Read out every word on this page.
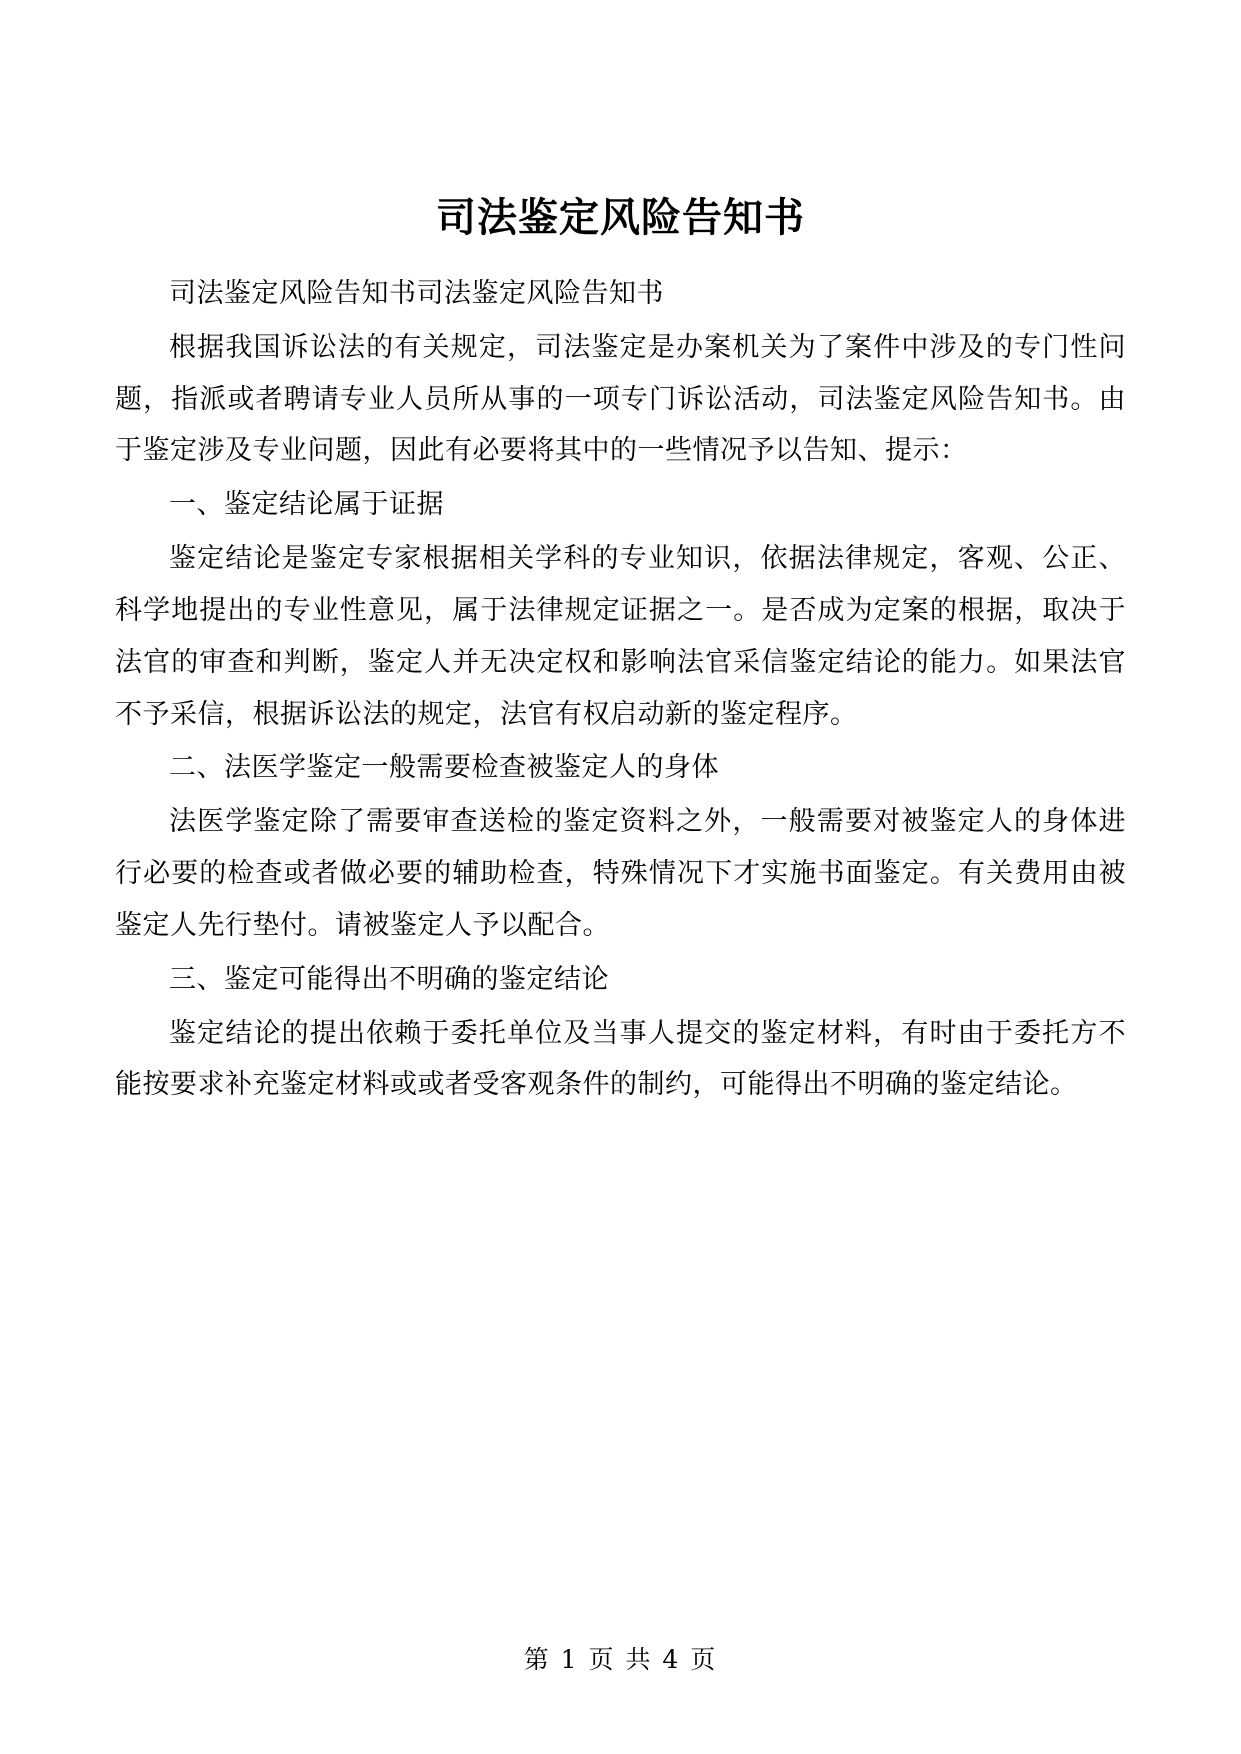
司法鉴定风险告知书

司法鉴定风险告知书司法鉴定风险告知书

根据我国诉讼法的有关规定，司法鉴定是办案机关为了案件中涉及的专门性问题，指派或者聘请专业人员所从事的一项专门诉讼活动，司法鉴定风险告知书。由于鉴定涉及专业问题，因此有必要将其中的一些情况予以告知、提示：

一、鉴定结论属于证据

鉴定结论是鉴定专家根据相关学科的专业知识，依据法律规定，客观、公正、科学地提出的专业性意见，属于法律规定证据之一。是否成为定案的根据，取决于法官的审查和判断，鉴定人并无决定权和影响法官采信鉴定结论的能力。如果法官不予采信，根据诉讼法的规定，法官有权启动新的鉴定程序。

二、法医学鉴定一般需要检查被鉴定人的身体

法医学鉴定除了需要审查送检的鉴定资料之外，一般需要对被鉴定人的身体进行必要的检查或者做必要的辅助检查，特殊情况下才实施书面鉴定。有关费用由被鉴定人先行垫付。请被鉴定人予以配合。

三、鉴定可能得出不明确的鉴定结论

鉴定结论的提出依赖于委托单位及当事人提交的鉴定材料，有时由于委托方不能按要求补充鉴定材料或或者受客观条件的制约，可能得出不明确的鉴定结论。

第 1 页 共 4 页
